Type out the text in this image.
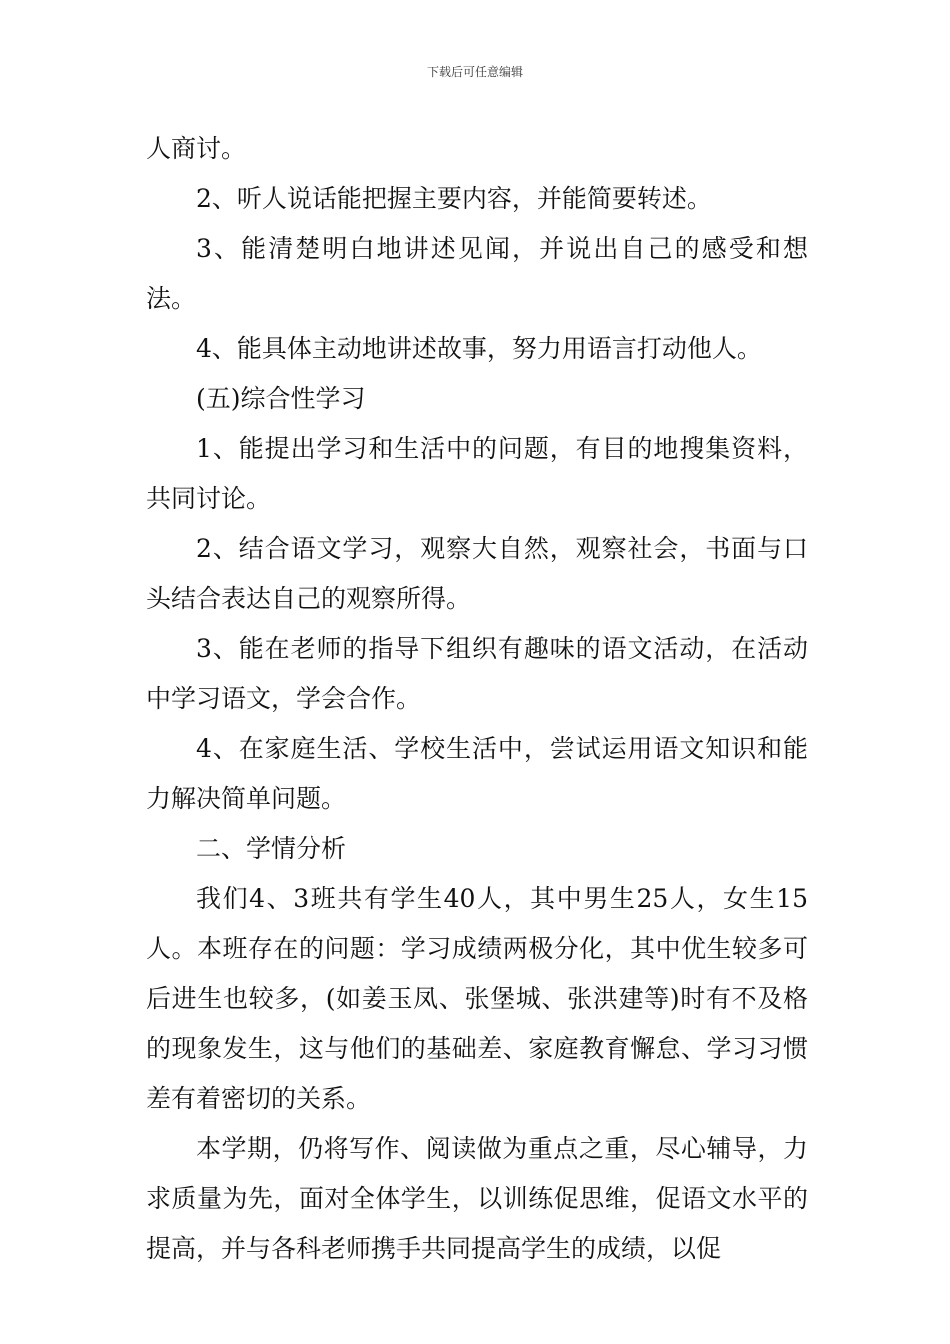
下载后可任意编辑

人商讨。

2、听人说话能把握主要内容，并能简要转述。

3、能清楚明白地讲述见闻，并说出自己的感受和想法。

4、能具体主动地讲述故事，努力用语言打动他人。

(五)综合性学习

1、能提出学习和生活中的问题，有目的地搜集资料，共同讨论。

2、结合语文学习，观察大自然，观察社会，书面与口头结合表达自己的观察所得。

3、能在老师的指导下组织有趣味的语文活动，在活动中学习语文，学会合作。

4、在家庭生活、学校生活中，尝试运用语文知识和能力解决简单问题。

二、学情分析

我们4、3班共有学生40人，其中男生25人，女生15人。本班存在的问题：学习成绩两极分化，其中优生较多可后进生也较多，(如姜玉凤、张堡城、张洪建等)时有不及格的现象发生，这与他们的基础差、家庭教育懈怠、学习习惯差有着密切的关系。

本学期，仍将写作、阅读做为重点之重，尽心辅导，力求质量为先，面对全体学生，以训练促思维，促语文水平的提高，并与各科老师携手共同提高学生的成绩，以促
